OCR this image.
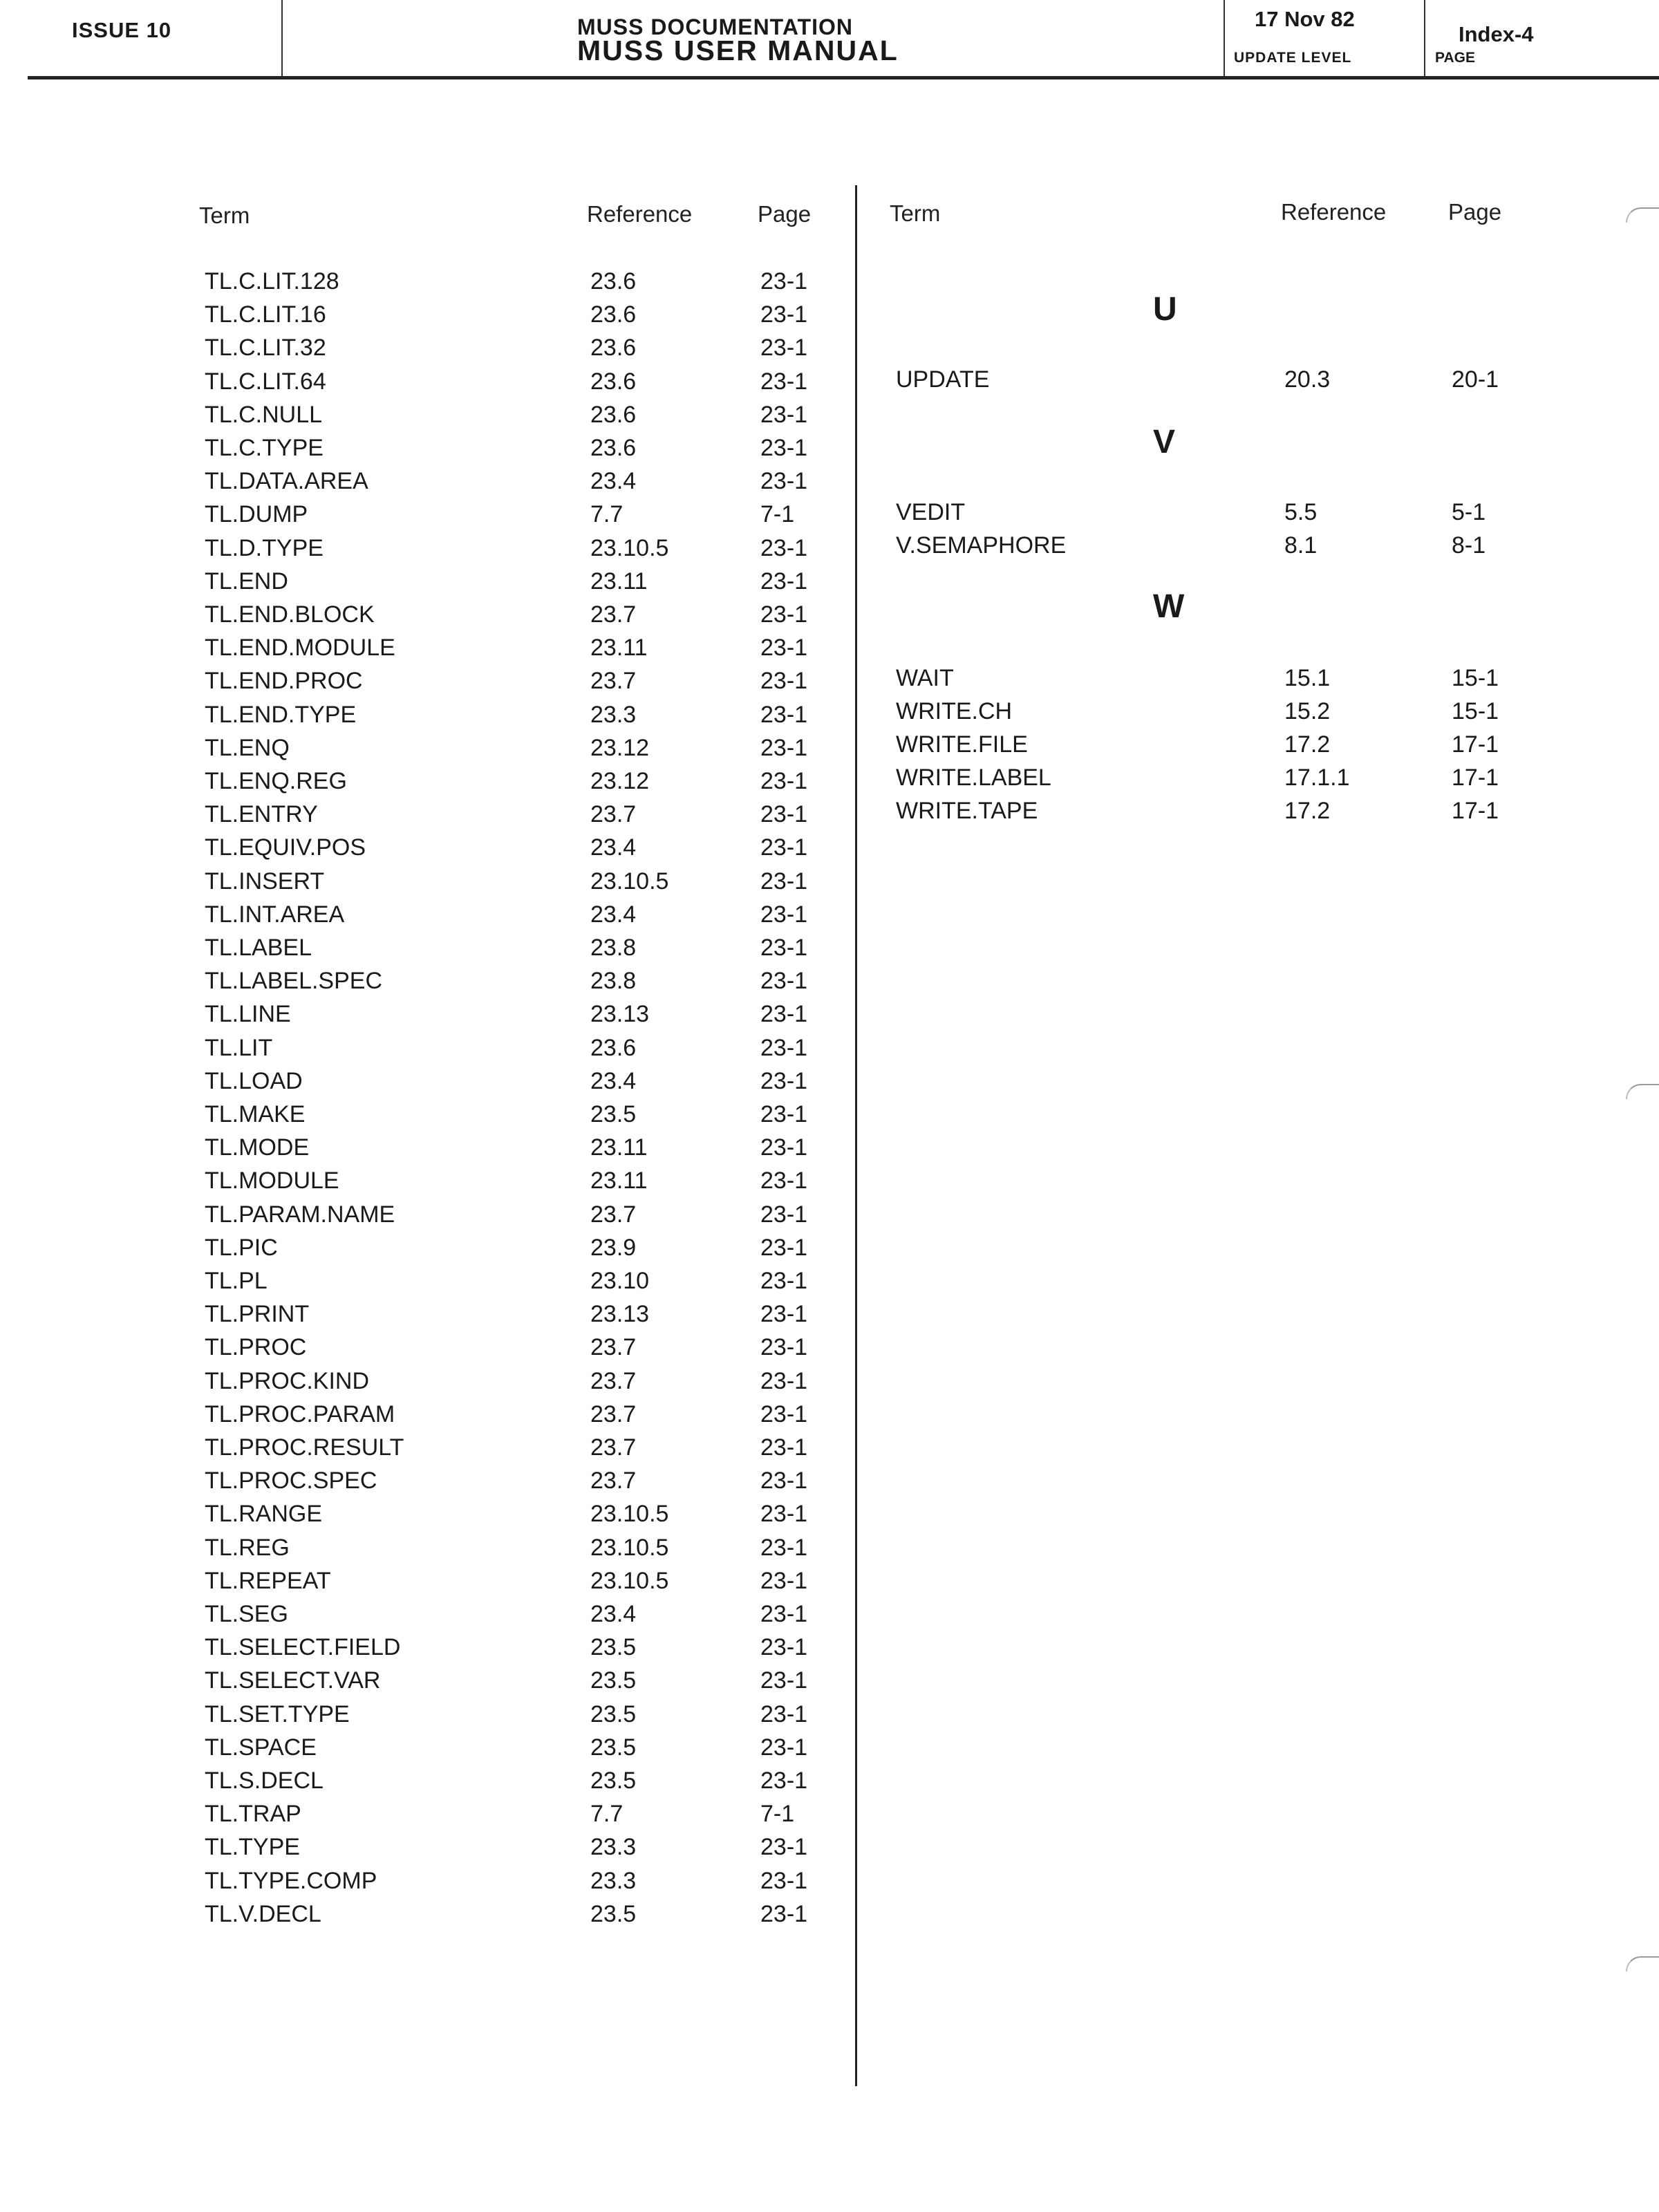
ISSUE 10	MUSS DOCUMENTATION
MUSS USER MANUAL
17 Nov 82
UPDATE LEVEL
Index-4
PAGE
Term	Reference	Page	Term	Reference	Page
TL.C.LIT.128	23.6	23-1
TL.C.LIT.16	23.6	23-1
TL.C.LIT.32	23.6	23-1
TL.C.LIT.64	23.6	23-1
TL.C.NULL	23.6	23-1
TL.C.TYPE	23.6	23-1
TL.DATA.AREA	23.4	23-1
TL.DUMP	7.7	7-1
TL.D.TYPE	23.10.5	23-1
TL.END	23.11	23-1
TL.END.BLOCK	23.7	23-1
TL.END.MODULE	23.11	23-1
TL.END.PROC	23.7	23-1
TL.END.TYPE	23.3	23-1
TL.ENQ	23.12	23-1
TL.ENQ.REG	23.12	23-1
TL.ENTRY	23.7	23-1
TL.EQUIV.POS	23.4	23-1
TL.INSERT	23.10.5	23-1
TL.INT.AREA	23.4	23-1
TL.LABEL	23.8	23-1
TL.LABEL.SPEC	23.8	23-1
TL.LINE	23.13	23-1
TL.LIT	23.6	23-1
TL.LOAD	23.4	23-1
TL.MAKE	23.5	23-1
TL.MODE	23.11	23-1
TL.MODULE	23.11	23-1
TL.PARAM.NAME	23.7	23-1
TL.PIC	23.9	23-1
TL.PL	23.10	23-1
TL.PRINT	23.13	23-1
TL.PROC	23.7	23-1
TL.PROC.KIND	23.7	23-1
TL.PROC.PARAM	23.7	23-1
TL.PROC.RESULT	23.7	23-1
TL.PROC.SPEC	23.7	23-1
TL.RANGE	23.10.5	23-1
TL.REG	23.10.5	23-1
TL.REPEAT	23.10.5	23-1
TL.SEG	23.4	23-1
TL.SELECT.FIELD	23.5	23-1
TL.SELECT.VAR	23.5	23-1
TL.SET.TYPE	23.5	23-1
TL.SPACE	23.5	23-1
TL.S.DECL	23.5	23-1
TL.TRAP	7.7	7-1
TL.TYPE	23.3	23-1
TL.TYPE.COMP	23.3	23-1
TL.V.DECL	23.5	23-1
U
UPDATE	20.3	20-1
V
VEDIT	5.5	5-1
V.SEMAPHORE	8.1	8-1
W
WAIT	15.1	15-1
WRITE.CH	15.2	15-1
WRITE.FILE	17.2	17-1
WRITE.LABEL	17.1.1	17-1
WRITE.TAPE	17.2	17-1
